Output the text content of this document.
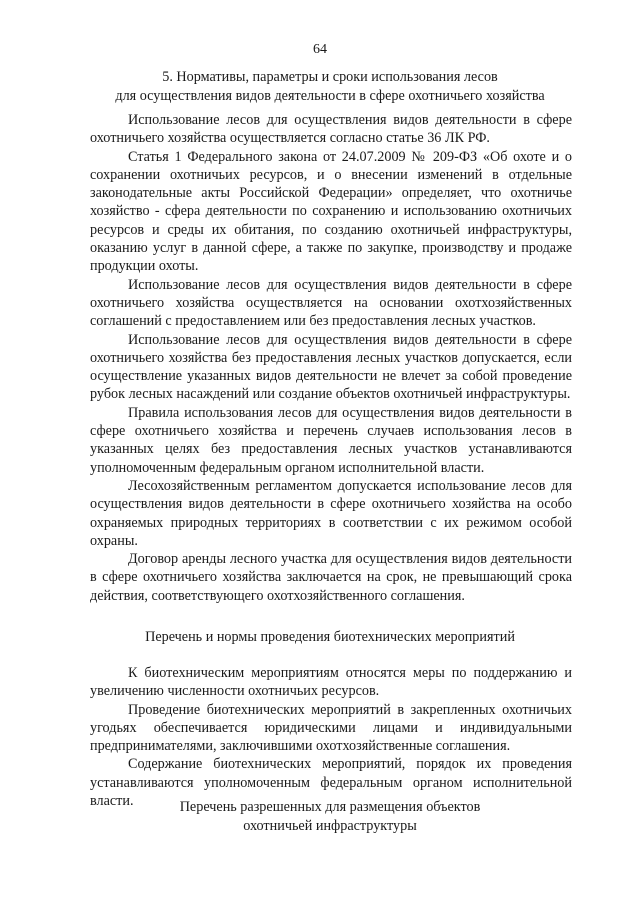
64
5. Нормативы, параметры и сроки использования лесов
для осуществления видов деятельности в сфере охотничьего хозяйства

Использование лесов для осуществления видов деятельности в сфере охотничьего хозяйства осуществляется согласно статье 36 ЛК РФ.

Статья 1 Федерального закона от 24.07.2009 № 209-ФЗ «Об охоте и о сохранении охотничьих ресурсов, и о внесении изменений в отдельные законодательные акты Российской Федерации» определяет, что охотничье хозяйство - сфера деятельности по сохранению и использованию охотничьих ресурсов и среды их обитания, по созданию охотничьей инфраструктуры, оказанию услуг в данной сфере, а также по закупке, производству и продаже продукции охоты.

Использование лесов для осуществления видов деятельности в сфере охотничьего хозяйства осуществляется на основании охотхозяйственных соглашений с предоставлением или без предоставления лесных участков.

Использование лесов для осуществления видов деятельности в сфере охотничьего хозяйства без предоставления лесных участков допускается, если осуществление указанных видов деятельности не влечет за собой проведение рубок лесных насаждений или создание объектов охотничьей инфраструктуры.

Правила использования лесов для осуществления видов деятельности в сфере охотничьего хозяйства и перечень случаев использования лесов в указанных целях без предоставления лесных участков устанавливаются уполномоченным федеральным органом исполнительной власти.

Лесохозяйственным регламентом допускается использование лесов для осуществления видов деятельности в сфере охотничьего хозяйства на особо охраняемых природных территориях в соответствии с их режимом особой охраны.

Договор аренды лесного участка для осуществления видов деятельности в сфере охотничьего хозяйства заключается на срок, не превышающий срока действия, соответствующего охотхозяйственного соглашения.

Перечень и нормы проведения биотехнических мероприятий

К биотехническим мероприятиям относятся меры по поддержанию и увеличению численности охотничьих ресурсов.

Проведение биотехнических мероприятий в закрепленных охотничьих угодьях обеспечивается юридическими лицами и индивидуальными предпринимателями, заключившими охотхозяйственные соглашения.

Содержание биотехнических мероприятий, порядок их проведения устанавливаются уполномоченным федеральным органом исполнительной власти.	Перечень разрешенных для размещения объектов
охотничьей инфраструктуры
